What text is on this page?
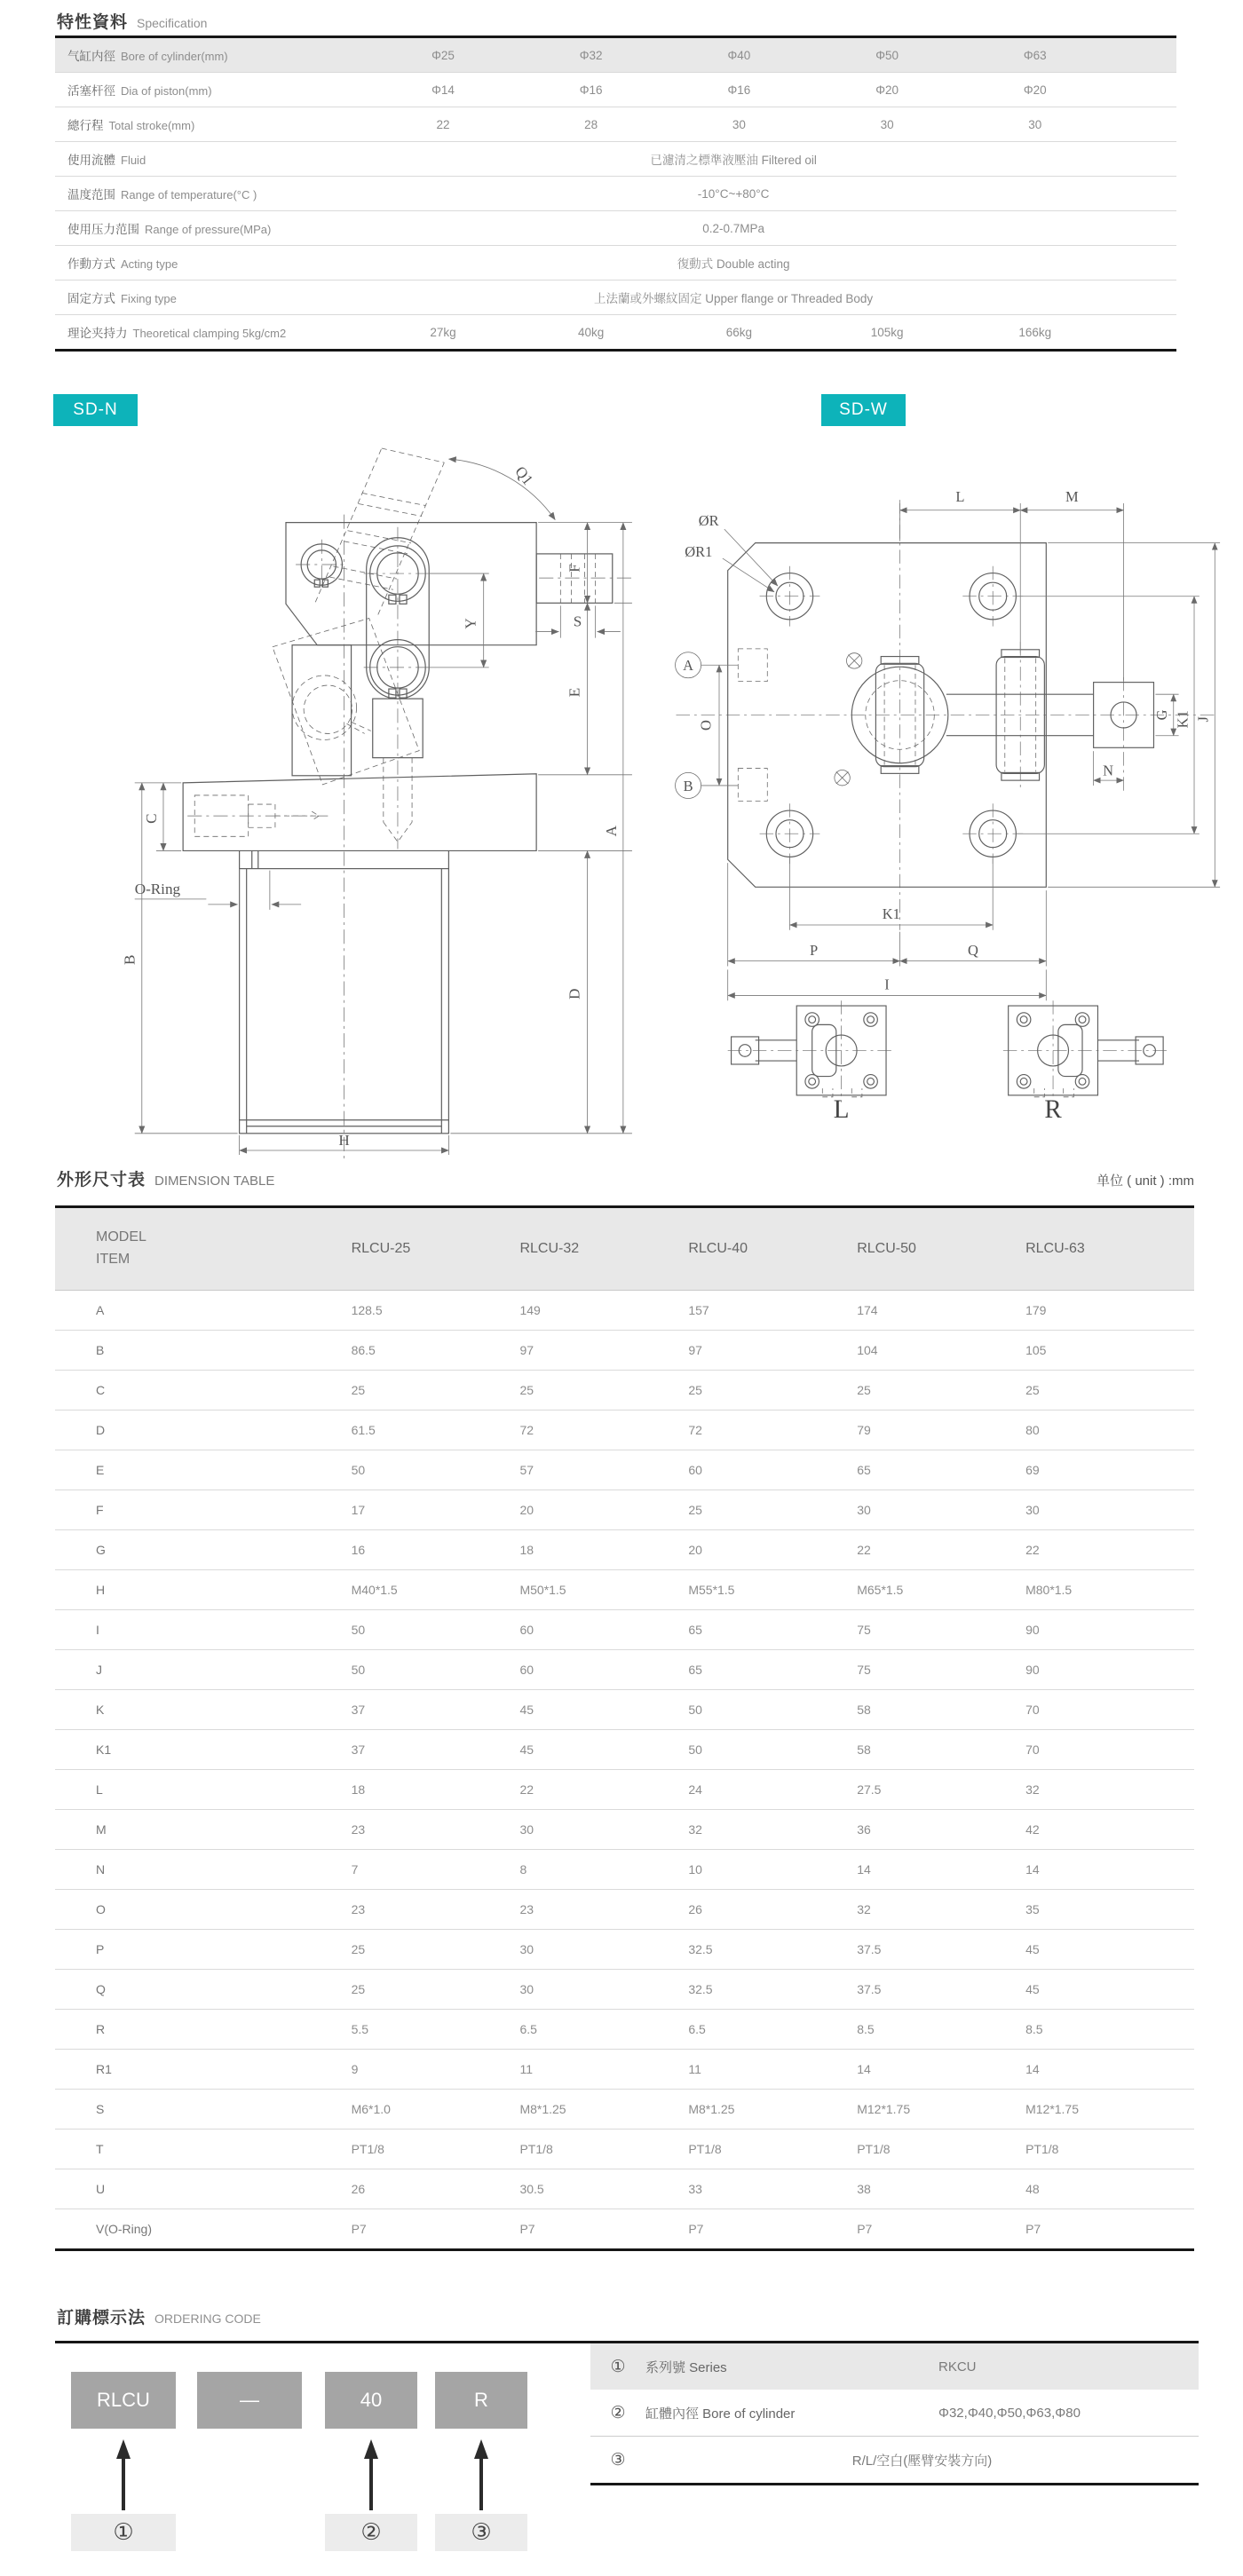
特性資料 Specification
气缸内徑 Bore of cylinder(mm)	Φ25	Φ32	Φ40	Φ50	Φ63
活塞杆徑 Dia of piston(mm)	Φ14	Φ16	Φ16	Φ20	Φ20
總行程 Total stroke(mm)	22	28	30	30	30
使用流體 Fluid	已濾清之標準液壓油 Filtered oil
温度范围 Range of temperature(°C )	-10°C~+80°C
使用压力范围 Range of pressure(MPa)	0.2-0.7MPa
作動方式 Acting type	復動式 Double acting
固定方式 Fixing type	上法蘭或外螺紋固定 Upper flange or Threaded Body
理论夹持力 Theoretical clamping 5kg/cm2	27kg	40kg	66kg	105kg	166kg
SD-N	SD-W
Q1
F
S
Y
E
A
C
B
D
H
O-Ring
ØR
ØR1
A
B
O
L	M
G K1 J
N
K1
P	Q
I
L	R
外形尺寸表 DIMENSION TABLE	单位 ( unit ) :mm
MODEL
ITEM
RLCU-25	RLCU-32	RLCU-40	RLCU-50	RLCU-63
A	128.5	149	157	174	179
B	86.5	97	97	104	105
C	25	25	25	25	25
D	61.5	72	72	79	80
E	50	57	60	65	69
F	17	20	25	30	30
G	16	18	20	22	22
H	M40*1.5	M50*1.5	M55*1.5	M65*1.5	M80*1.5
I	50	60	65	75	90
J	50	60	65	75	90
K	37	45	50	58	70
K1	37	45	50	58	70
L	18	22	24	27.5	32
M	23	30	32	36	42
N	7	8	10	14	14
O	23	23	26	32	35
P	25	30	32.5	37.5	45
Q	25	30	32.5	37.5	45
R	5.5	6.5	6.5	8.5	8.5
R1	9	11	11	14	14
S	M6*1.0	M8*1.25	M8*1.25	M12*1.75	M12*1.75
T	PT1/8	PT1/8	PT1/8	PT1/8	PT1/8
U	26	30.5	33	38	48
V(O-Ring)	P7	P7	P7	P7	P7
訂購標示法 ORDERING CODE
RLCU	—	40	R
①	②	③
①	系列號 Series	RKCU
②	缸體內徑 Bore of cylinder	Φ32,Φ40,Φ50,Φ63,Φ80
③	R/L/空白(壓臂安裝方向)
